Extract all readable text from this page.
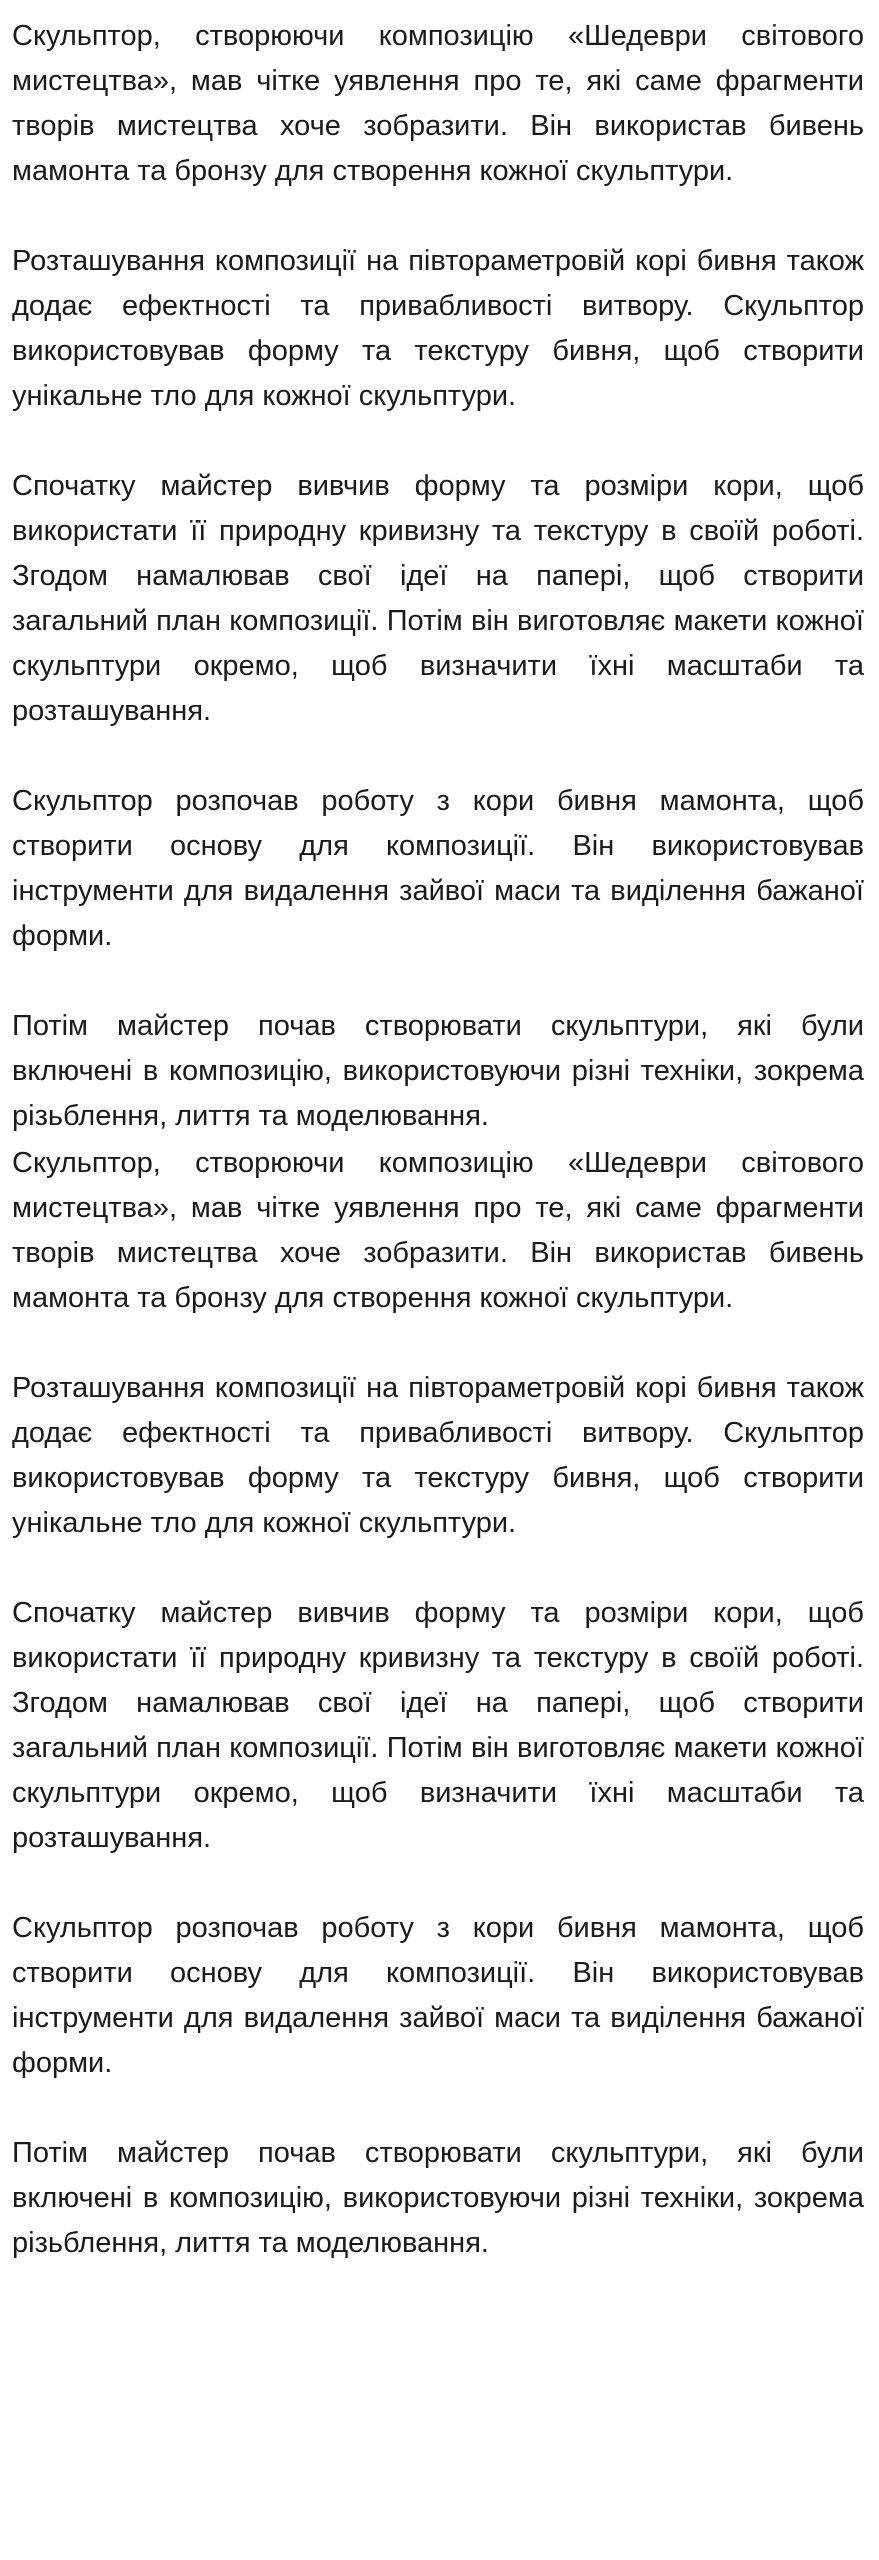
Скульптор, створюючи композицію «Шедеври світового мистецтва», мав чітке уявлення про те, які саме фрагменти творів мистецтва хоче зобразити. Він використав бивень мамонта та бронзу для створення кожної скульптури.

Розташування композиції на півтораметровій корі бивня також додає ефектності та привабливості витвору. Скульптор використовував форму та текстуру бивня, щоб створити унікальне тло для кожної скульптури.

Спочатку майстер вивчив форму та розміри кори, щоб використати її природну кривизну та текстуру в своїй роботі. Згодом намалював свої ідеї на папері, щоб створити загальний план композиції. Потім він виготовляє макети кожної скульптури окремо, щоб визначити їхні масштаби та розташування.

Скульптор розпочав роботу з кори бивня мамонта, щоб створити основу для композиції. Він використовував інструменти для видалення зайвої маси та виділення бажаної форми.

Потім майстер почав створювати скульптури, які були включені в композицію, використовуючи різні техніки, зокрема різьблення, лиття та моделювання.

Скульптор, створюючи композицію «Шедеври світового мистецтва», мав чітке уявлення про те, які саме фрагменти творів мистецтва хоче зобразити. Він використав бивень мамонта та бронзу для створення кожної скульптури.

Розташування композиції на півтораметровій корі бивня також додає ефектності та привабливості витвору. Скульптор використовував форму та текстуру бивня, щоб створити унікальне тло для кожної скульптури.

Спочатку майстер вивчив форму та розміри кори, щоб використати її природну кривизну та текстуру в своїй роботі. Згодом намалював свої ідеї на папері, щоб створити загальний план композиції. Потім він виготовляє макети кожної скульптури окремо, щоб визначити їхні масштаби та розташування.

Скульптор розпочав роботу з кори бивня мамонта, щоб створити основу для композиції. Він використовував інструменти для видалення зайвої маси та виділення бажаної форми.

Потім майстер почав створювати скульптури, які були включені в композицію, використовуючи різні техніки, зокрема різьблення, лиття та моделювання.
